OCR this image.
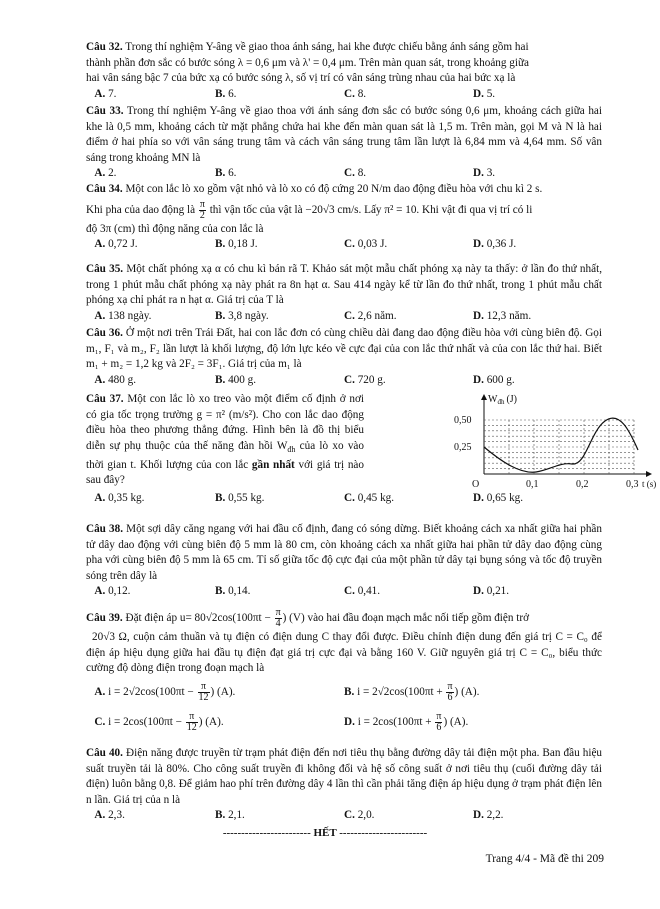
Câu 32. Trong thí nghiệm Y-âng về giao thoa ánh sáng, hai khe được chiếu bằng ánh sáng gồm hai

thành phần đơn sắc có bước sóng λ = 0,6 μm và λ' = 0,4 μm. Trên màn quan sát, trong khoảng giữa

hai vân sáng bậc 7 của bức xạ có bước sóng λ, số vị trí có vân sáng trùng nhau của hai bức xạ là

A. 7.	B. 6.	C. 8.	D. 5.

Câu 33. Trong thí nghiệm Y-âng về giao thoa với ánh sáng đơn sắc có bước sóng 0,6 μm, khoảng cách giữa hai khe là 0,5 mm, khoảng cách từ mặt phẳng chứa hai khe đến màn quan sát là 1,5 m. Trên màn, gọi M và N là hai điểm ở hai phía so với vân sáng trung tâm và cách vân sáng trung tâm lần lượt là 6,84 mm và 4,64 mm. Số vân sáng trong khoảng MN là

A. 2.	B. 6.	C. 8.	D. 3.

Câu 34. Một con lắc lò xo gồm vật nhỏ và lò xo có độ cứng 20 N/m dao động điều hòa với chu kì 2 s.

Khi pha của dao động là $\frac{\pi}{2}$ thì vận tốc của vật là −20√3 cm/s. Lấy π² = 10. Khi vật đi qua vị trí có li

độ 3π (cm) thì động năng của con lắc là

A. 0,72 J.	B. 0,18 J.	C. 0,03 J.	D. 0,36 J.

Câu 35. Một chất phóng xạ α có chu kì bán rã T. Khảo sát một mẫu chất phóng xạ này ta thấy: ở lần đo thứ nhất, trong 1 phút mẫu chất phóng xạ này phát ra 8n hạt α. Sau 414 ngày kể từ lần đo thứ nhất, trong 1 phút mẫu chất phóng xạ chỉ phát ra n hạt α. Giá trị của T là

A. 138 ngày.	B. 3,8 ngày.	C. 2,6 năm.	D. 12,3 năm.

Câu 36. Ở một nơi trên Trái Đất, hai con lắc đơn có cùng chiều dài đang dao động điều hòa với cùng biên độ. Gọi m₁, F₁ và m₂, F₂ lần lượt là khối lượng, độ lớn lực kéo về cực đại của con lắc thứ nhất và của con lắc thứ hai. Biết m₁ + m₂ = 1,2 kg và 2F₂ = 3F₁. Giá trị của m₁ là

A. 480 g.	B. 400 g.	C. 720 g.	D. 600 g.

Câu 37. Một con lắc lò xo treo vào một điểm cố định ở nơi có gia tốc trọng trường g = π² (m/s²). Cho con lắc dao động điều hòa theo phương thẳng đứng. Hình bên là đồ thị biểu diễn sự phụ thuộc của thế năng đàn hồi $W_{đh}$ của lò xo vào thời gian t. Khối lượng của con lắc gần nhất với giá trị nào sau đây?

0,50
0,25
O	0,1	0,2	0,3 t (s)
$W_{đh}$ (J)
A. 0,35 kg.	B. 0,55 kg.	C. 0,45 kg.	D. 0,65 kg.

Câu 38. Một sợi dây căng ngang với hai đầu cố định, đang có sóng dừng. Biết khoảng cách xa nhất giữa hai phần tử dây dao động với cùng biên độ 5 mm là 80 cm, còn khoảng cách xa nhất giữa hai phần tử dây dao động cùng pha với cùng biên độ 5 mm là 65 cm. Tỉ số giữa tốc độ cực đại của một phần tử dây tại bụng sóng và tốc độ truyền sóng trên dây là

A. 0,12.	B. 0,14.	C. 0,41.	D. 0,21.

Câu 39. Đặt điện áp $u= 80√2\cos(100\pi t - \frac{\pi}{4}$ ) (V) vào hai đầu đoạn mạch mắc nối tiếp gồm điện trở

20√3 Ω, cuộn cảm thuần và tụ điện có điện dung C thay đổi được. Điều chỉnh điện dung đến giá trị C = C₀ để điện áp hiệu dụng giữa hai đầu tụ điện đạt giá trị cực đại và bằng 160 V. Giữ nguyên giá trị C = C₀, biểu thức cường độ dòng điện trong đoạn mạch là

A. $i = 2√2\cos(100\pi t - \frac{\pi}{12}$ ) (A).	B. $i = 2√2\cos(100\pi t + \frac{\pi}{6}$ ) (A).
C. $i = 2\cos(100\pi t - \frac{\pi}{12}$ ) (A).	D. $i = 2\cos(100\pi t + \frac{\pi}{6}$ ) (A).

Câu 40. Điện năng được truyền từ trạm phát điện đến nơi tiêu thụ bằng đường dây tải điện một pha. Ban đầu hiệu suất truyền tải là 80%. Cho công suất truyền đi không đổi và hệ số công suất ở nơi tiêu thụ (cuối đường dây tải điện) luôn bằng 0,8. Để giảm hao phí trên đường dây 4 lần thì cần phải tăng điện áp hiệu dụng ở trạm phát điện lên n lần. Giá trị của n là

A. 2,3.	B. 2,1.	C. 2,0.	D. 2,2.
------------------------ HẾT ------------------------
Trang 4/4 - Mã đề thi 209
